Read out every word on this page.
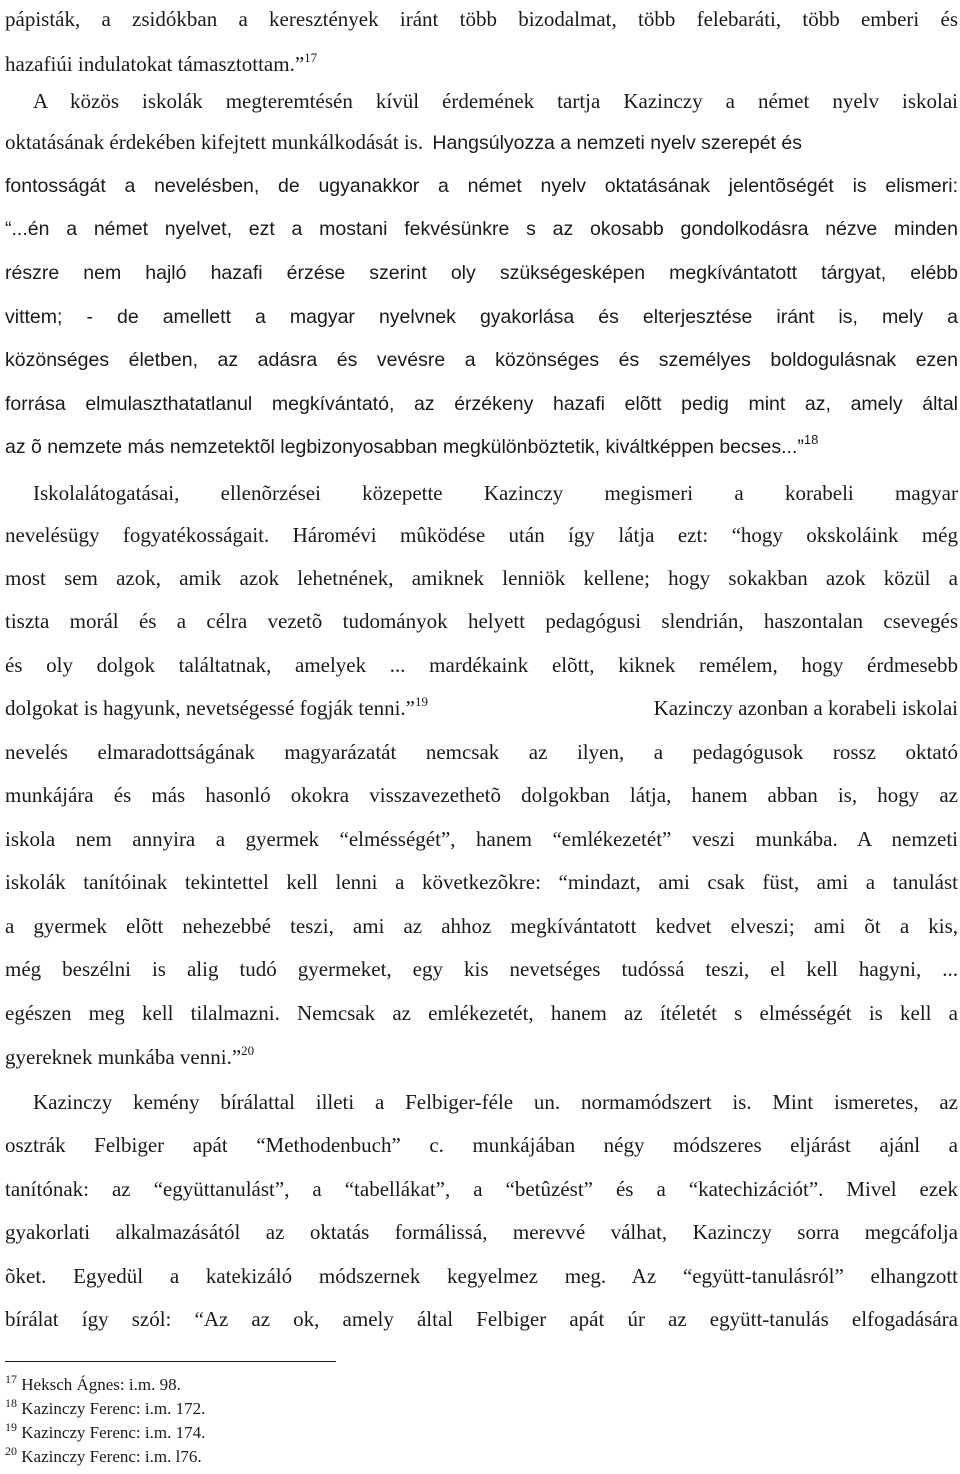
pápisták, a zsidókban a keresztények iránt több bizodalmat, több felebaráti, több emberi és
hazafiúi indulatokat támasztottam.”$^{17}$
A közös iskolák megteremtésén kívül érdemének tartja Kazinczy a német nyelv iskolai
oktatásának érdekében kifejtett munkálkodását is. Hangsúlyozza a nemzeti nyelv szerepét és
fontosságát a nevelésben, de ugyanakkor a német nyelv oktatásának jelentõségét is elismeri:
“...én a német nyelvet, ezt a mostani fekvésünkre s az okosabb gondolkodásra nézve minden
részre nem hajló hazafi érzése szerint oly szükségesképen megkívántatott tárgyat, elébb
vittem; - de amellett a magyar nyelvnek gyakorlása és elterjesztése iránt is, mely a
közönséges életben, az adásra és vevésre a közönséges és személyes boldogulásnak ezen
forrása elmulaszthatatlanul megkívántató, az érzékeny hazafi elõtt pedig mint az, amely által
az õ nemzete más nemzetektõl legbizonyosabban megkülönböztetik, kiváltképpen becses...”$^{18}$
Iskolalátogatásai, ellenõrzései közepette Kazinczy megismeri a korabeli magyar
nevelésügy fogyatékosságait. Háromévi mûködése után így látja ezt: “hogy okskoláink még
most sem azok, amik azok lehetnének, amiknek lenniök kellene; hogy sokakban azok közül a
tiszta morál és a célra vezetõ tudományok helyett pedagógusi slendrián, haszontalan csevegés
és oly dolgok találtatnak, amelyek ... mardékaink elõtt, kiknek remélem, hogy érdmesebb
dolgokat is hagyunk, nevetségessé fogják tenni.”$^{19}$	Kazinczy azonban a korabeli iskolai
nevelés elmaradottságának magyarázatát nemcsak az ilyen, a pedagógusok rossz oktató
munkájára és más hasonló okokra visszavezethetõ dolgokban látja, hanem abban is, hogy az
iskola nem annyira a gyermek “elmésségét”, hanem “emlékezetét” veszi munkába. A nemzeti
iskolák tanítóinak tekintettel kell lenni a következõkre: “mindazt, ami csak füst, ami a tanulást
a gyermek elõtt nehezebbé teszi, ami az ahhoz megkívántatott kedvet elveszi; ami õt a kis,
még beszélni is alig tudó gyermeket, egy kis nevetséges tudóssá teszi, el kell hagyni, ...
egészen meg kell tilalmazni. Nemcsak az emlékezetét, hanem az ítéletét s elmésségét is kell a
gyereknek munkába venni.”$^{20}$
Kazinczy kemény bírálattal illeti a Felbiger-féle un. normamódszert is. Mint ismeretes, az
osztrák Felbiger apát “Methodenbuch” c. munkájában négy módszeres eljárást ajánl a
tanítónak: az “együttanulást”, a “tabellákat”, a “betûzést” és a “katechizációt”. Mivel ezek
gyakorlati alkalmazásától az oktatás formálissá, merevvé válhat, Kazinczy sorra megcáfolja
õket. Egyedül a katekizáló módszernek kegyelmez meg. Az “együtt-tanulásról” elhangzott
bírálat így szól: “Az az ok, amely által Felbiger apát úr az együtt-tanulás elfogadására
$^{17}$ Heksch Ágnes: i.m. 98.
$^{18}$ Kazinczy Ferenc: i.m. 172.
$^{19}$ Kazinczy Ferenc: i.m. 174.
$^{20}$ Kazinczy Ferenc: i.m. l76.
